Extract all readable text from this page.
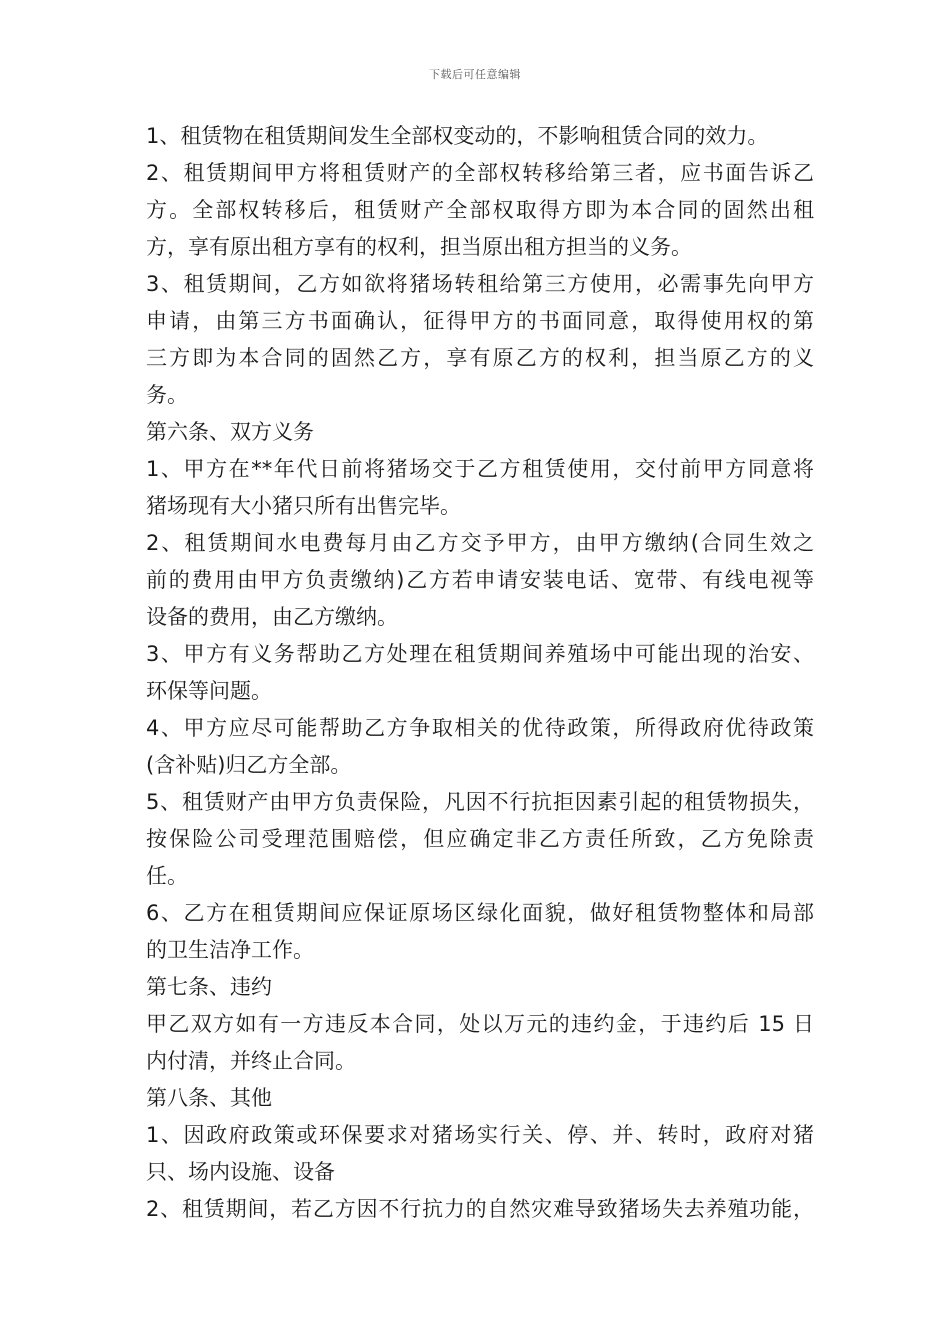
下载后可任意编辑
1、租赁物在租赁期间发生全部权变动的，不影响租赁合同的效力。
2、租赁期间甲方将租赁财产的全部权转移给第三者，应书面告诉乙
方。全部权转移后，租赁财产全部权取得方即为本合同的固然出租
方，享有原出租方享有的权利，担当原出租方担当的义务。
3、租赁期间，乙方如欲将猪场转租给第三方使用，必需事先向甲方
申请，由第三方书面确认，征得甲方的书面同意，取得使用权的第
三方即为本合同的固然乙方，享有原乙方的权利，担当原乙方的义
务。
第六条、双方义务
1、甲方在**年代日前将猪场交于乙方租赁使用，交付前甲方同意将
猪场现有大小猪只所有出售完毕。
2、租赁期间水电费每月由乙方交予甲方，由甲方缴纳(合同生效之
前的费用由甲方负责缴纳)乙方若申请安装电话、宽带、有线电视等
设备的费用，由乙方缴纳。
3、甲方有义务帮助乙方处理在租赁期间养殖场中可能出现的治安、
环保等问题。
4、甲方应尽可能帮助乙方争取相关的优待政策，所得政府优待政策
(含补贴)归乙方全部。
5、租赁财产由甲方负责保险，凡因不行抗拒因素引起的租赁物损失，
按保险公司受理范围赔偿，但应确定非乙方责任所致，乙方免除责
任。
6、乙方在租赁期间应保证原场区绿化面貌，做好租赁物整体和局部
的卫生洁净工作。
第七条、违约
甲乙双方如有一方违反本合同，处以万元的违约金，于违约后 15 日
内付清，并终止合同。
第八条、其他
1、因政府政策或环保要求对猪场实行关、停、并、转时，政府对猪
只、场内设施、设备
2、租赁期间，若乙方因不行抗力的自然灾难导致猪场失去养殖功能，
